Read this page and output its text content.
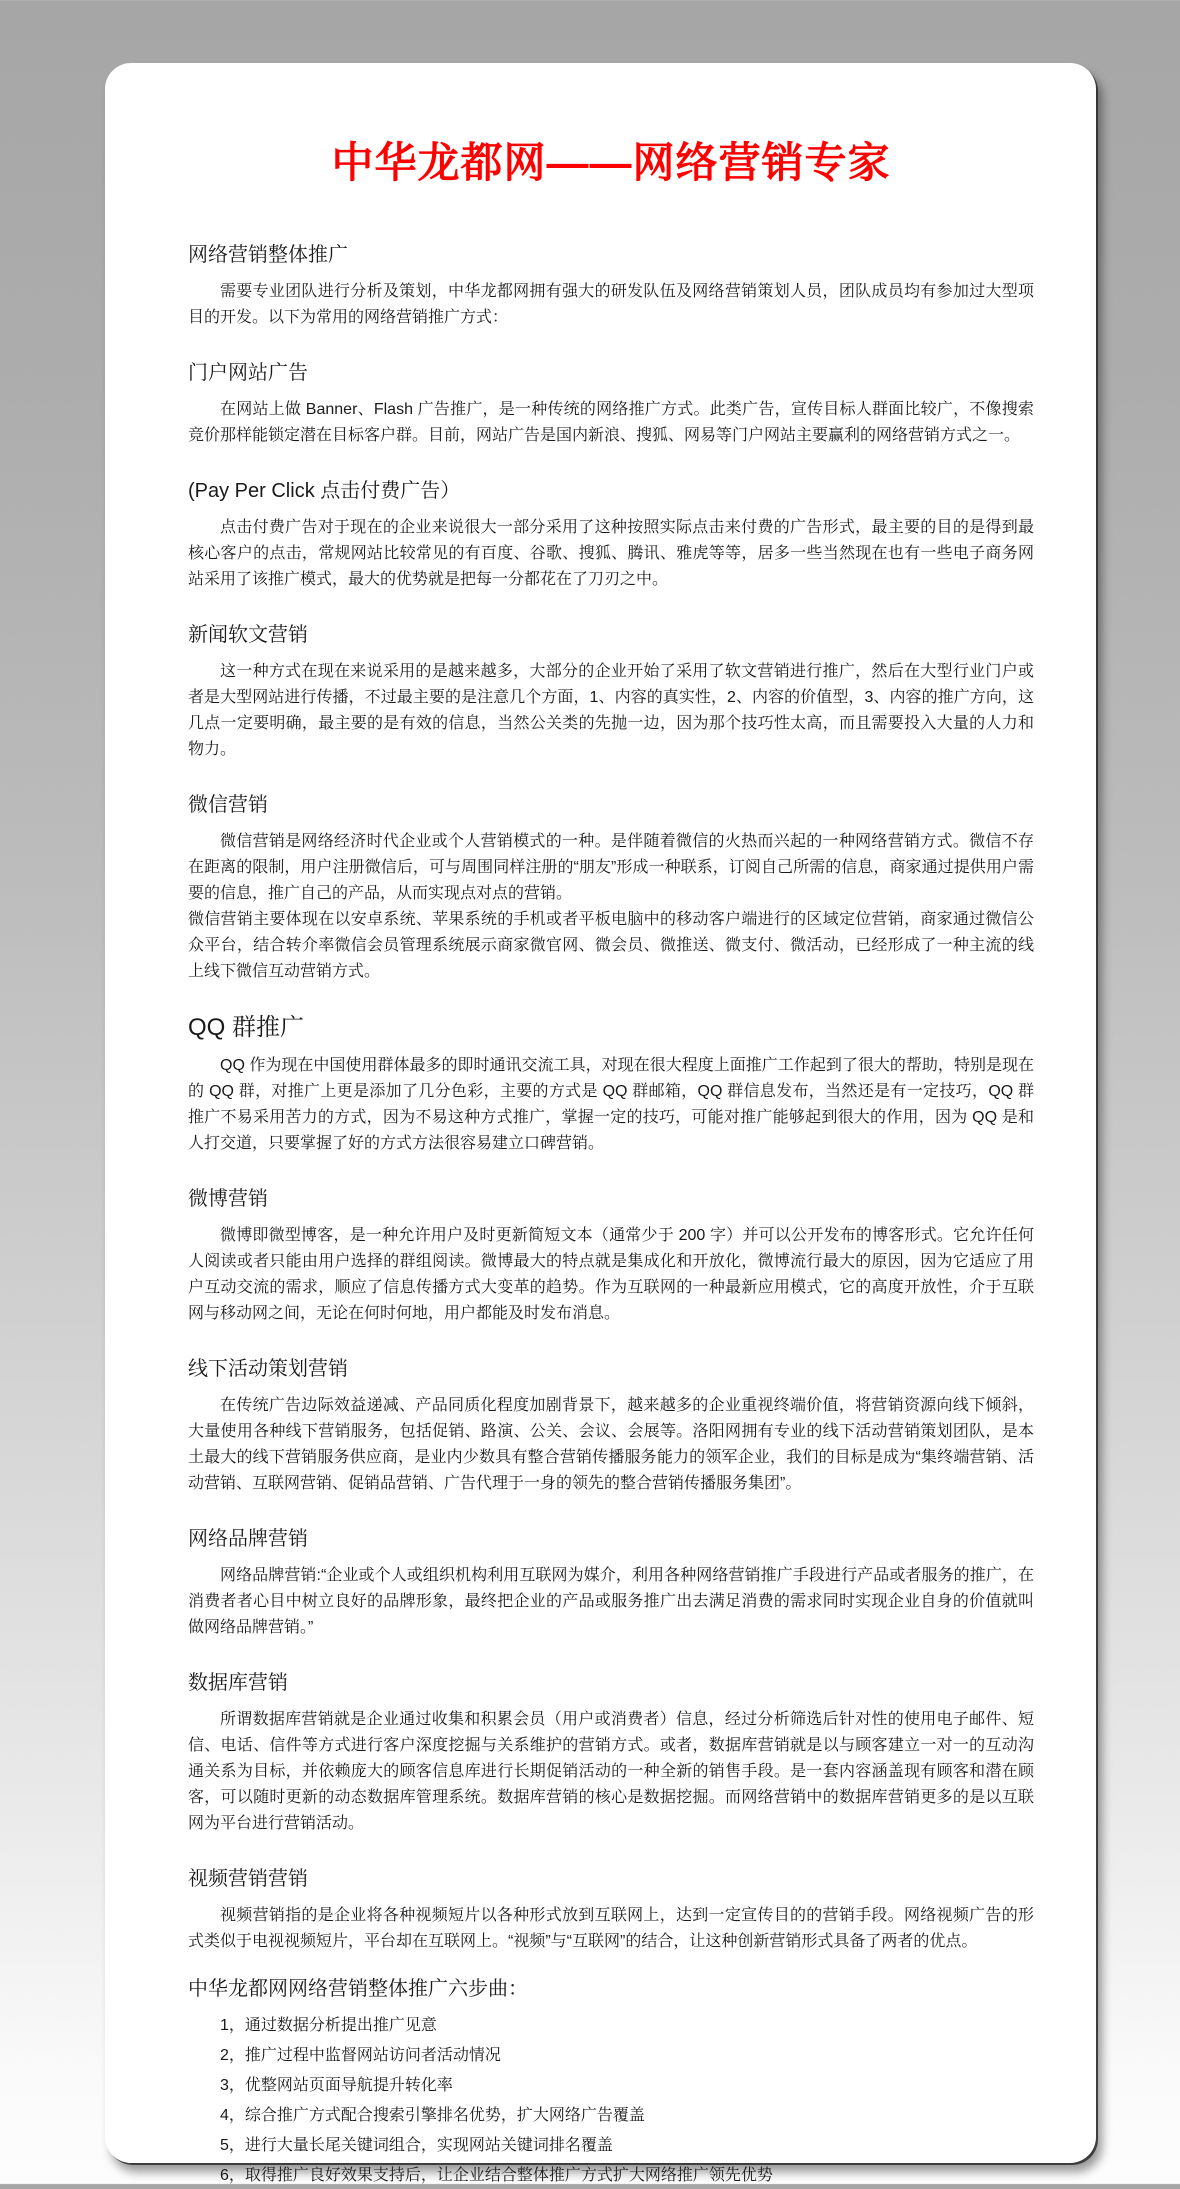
中华龙都网——网络营销专家
网络营销整体推广

需要专业团队进行分析及策划，中华龙都网拥有强大的研发队伍及网络营销策划人员，团队成员均有参加过大型项目的开发。以下为常用的网络营销推广方式：

门户网站广告

在网站上做 Banner、Flash 广告推广，是一种传统的网络推广方式。此类广告，宣传目标人群面比较广，不像搜索竞价那样能锁定潜在目标客户群。目前，网站广告是国内新浪、搜狐、网易等门户网站主要赢利的网络营销方式之一。

(Pay Per Click 点击付费广告）

点击付费广告对于现在的企业来说很大一部分采用了这种按照实际点击来付费的广告形式，最主要的目的是得到最核心客户的点击，常规网站比较常见的有百度、谷歌、搜狐、腾讯、雅虎等等，居多一些当然现在也有一些电子商务网站采用了该推广模式，最大的优势就是把每一分都花在了刀刃之中。

新闻软文营销

这一种方式在现在来说采用的是越来越多，大部分的企业开始了采用了软文营销进行推广，然后在大型行业门户或者是大型网站进行传播，不过最主要的是注意几个方面，1、内容的真实性，2、内容的价值型，3、内容的推广方向，这几点一定要明确，最主要的是有效的信息，当然公关类的先抛一边，因为那个技巧性太高，而且需要投入大量的人力和物力。

微信营销

微信营销是网络经济时代企业或个人营销模式的一种。是伴随着微信的火热而兴起的一种网络营销方式。微信不存在距离的限制，用户注册微信后，可与周围同样注册的“朋友”形成一种联系，订阅自己所需的信息，商家通过提供用户需要的信息，推广自己的产品，从而实现点对点的营销。

微信营销主要体现在以安卓系统、苹果系统的手机或者平板电脑中的移动客户端进行的区域定位营销，商家通过微信公众平台，结合转介率微信会员管理系统展示商家微官网、微会员、微推送、微支付、微活动，已经形成了一种主流的线上线下微信互动营销方式。

QQ 群推广

QQ 作为现在中国使用群体最多的即时通讯交流工具，对现在很大程度上面推广工作起到了很大的帮助，特别是现在的 QQ 群，对推广上更是添加了几分色彩，主要的方式是 QQ 群邮箱，QQ 群信息发布，当然还是有一定技巧，QQ 群推广不易采用苦力的方式，因为不易这种方式推广，掌握一定的技巧，可能对推广能够起到很大的作用，因为 QQ 是和人打交道，只要掌握了好的方式方法很容易建立口碑营销。

微博营销

微博即微型博客，是一种允许用户及时更新简短文本（通常少于 200 字）并可以公开发布的博客形式。它允许任何人阅读或者只能由用户选择的群组阅读。微博最大的特点就是集成化和开放化，微博流行最大的原因，因为它适应了用户互动交流的需求，顺应了信息传播方式大变革的趋势。作为互联网的一种最新应用模式，它的高度开放性，介于互联网与移动网之间，无论在何时何地，用户都能及时发布消息。

线下活动策划营销

在传统广告边际效益递减、产品同质化程度加剧背景下，越来越多的企业重视终端价值，将营销资源向线下倾斜，大量使用各种线下营销服务，包括促销、路演、公关、会议、会展等。洛阳网拥有专业的线下活动营销策划团队，是本土最大的线下营销服务供应商，是业内少数具有整合营销传播服务能力的领军企业，我们的目标是成为“集终端营销、活动营销、互联网营销、促销品营销、广告代理于一身的领先的整合营销传播服务集团”。

网络品牌营销

网络品牌营销:“企业或个人或组织机构利用互联网为媒介，利用各种网络营销推广手段进行产品或者服务的推广，在消费者者心目中树立良好的品牌形象，最终把企业的产品或服务推广出去满足消费的需求同时实现企业自身的价值就叫做网络品牌营销。”

数据库营销

所谓数据库营销就是企业通过收集和积累会员（用户或消费者）信息，经过分析筛选后针对性的使用电子邮件、短信、电话、信件等方式进行客户深度挖掘与关系维护的营销方式。或者，数据库营销就是以与顾客建立一对一的互动沟通关系为目标，并依赖庞大的顾客信息库进行长期促销活动的一种全新的销售手段。是一套内容涵盖现有顾客和潜在顾客，可以随时更新的动态数据库管理系统。数据库营销的核心是数据挖掘。而网络营销中的数据库营销更多的是以互联网为平台进行营销活动。

视频营销营销

视频营销指的是企业将各种视频短片以各种形式放到互联网上，达到一定宣传目的的营销手段。网络视频广告的形式类似于电视视频短片，平台却在互联网上。“视频”与“互联网”的结合，让这种创新营销形式具备了两者的优点。

中华龙都网网络营销整体推广六步曲：
1，通过数据分析提出推广见意
2，推广过程中监督网站访问者活动情况
3，优整网站页面导航提升转化率
4，综合推广方式配合搜索引擎排名优势，扩大网络广告覆盖
5，进行大量长尾关键词组合，实现网站关键词排名覆盖
6，取得推广良好效果支持后，让企业结合整体推广方式扩大网络推广领先优势
